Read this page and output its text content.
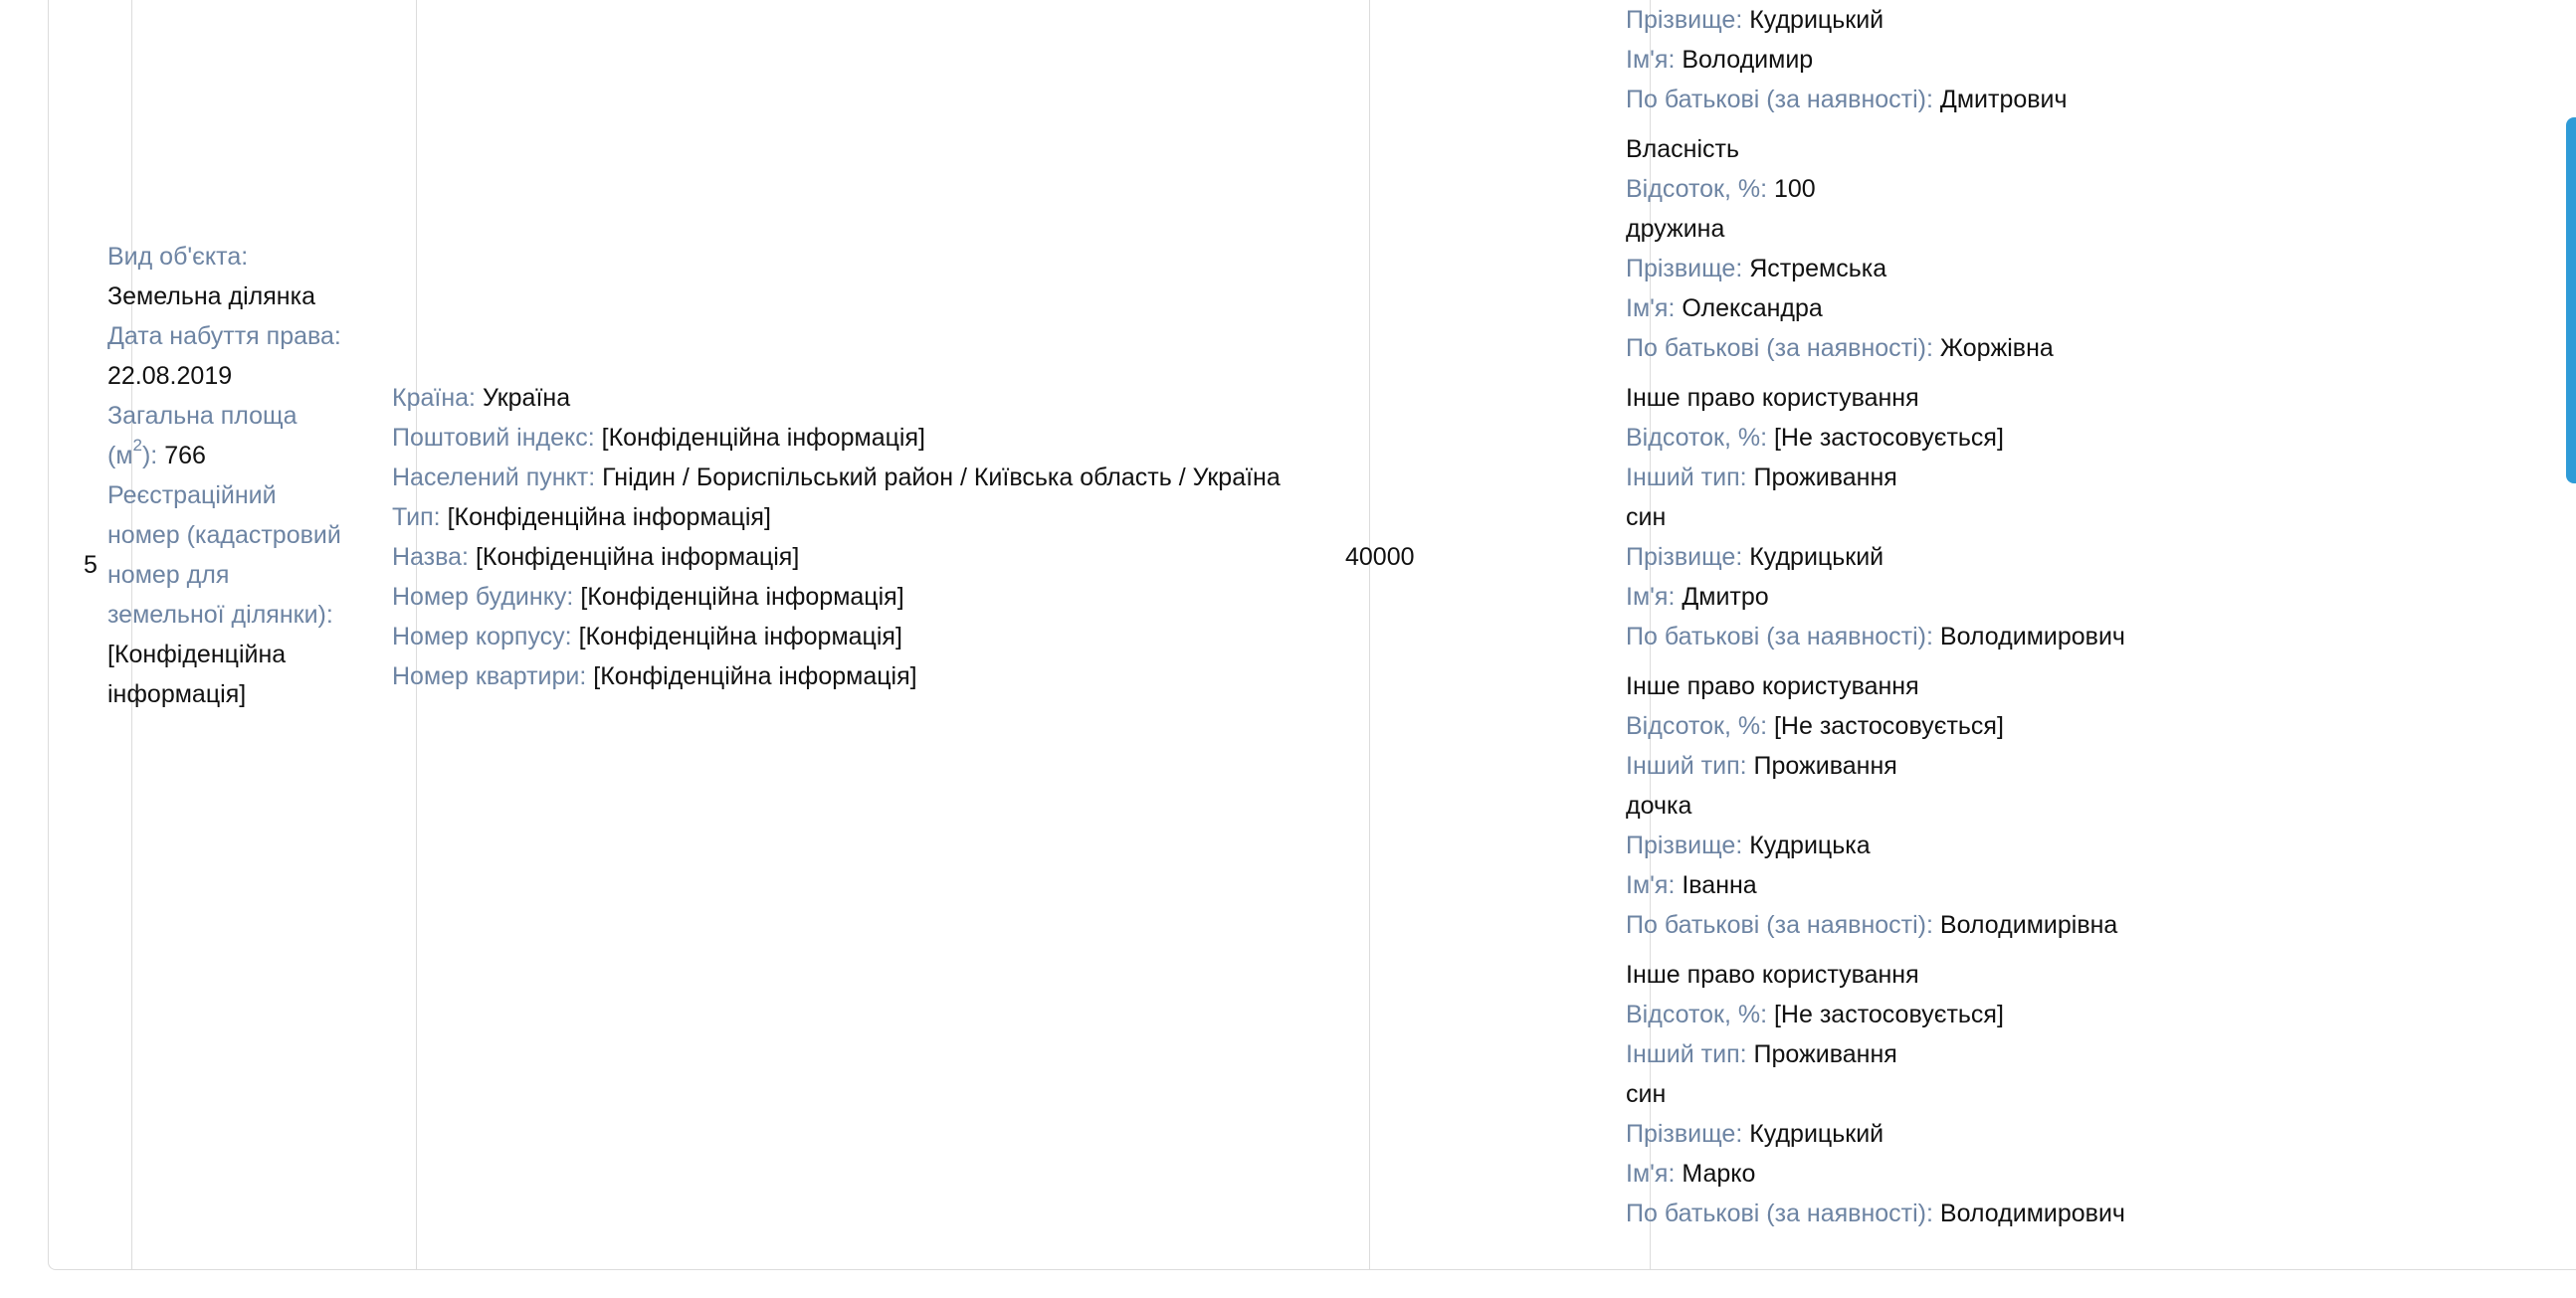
5
Вид об'єкта:
Земельна ділянка
Дата набуття права:
22.08.2019
Загальна площа $(м^2)$: 766
Реєстраційний номер (кадастровий номер для земельної ділянки):
[Конфіденційна інформація]
Країна: Україна
Поштовий індекс: [Конфіденційна інформація]
Населений пункт: Гнідин / Бориспільський район / Київська область / Україна
Тип: [Конфіденційна інформація]
Назва: [Конфіденційна інформація]
Номер будинку: [Конфіденційна інформація]
Номер корпусу: [Конфіденційна інформація]
Номер квартири: [Конфіденційна інформація]
40000
Прізвище: Кудрицький
Ім'я: Володимир
По батькові (за наявності): Дмитрович
Власність
Відсоток, %: 100
дружина
Прізвище: Ястремська
Ім'я: Олександра
По батькові (за наявності): Жоржівна
Інше право користування
Відсоток, %: [Не застосовується]
Інший тип: Проживання
син
Прізвище: Кудрицький
Ім'я: Дмитро
По батькові (за наявності): Володимирович
Інше право користування
Відсоток, %: [Не застосовується]
Інший тип: Проживання
дочка
Прізвище: Кудрицька
Ім'я: Іванна
По батькові (за наявності): Володимирівна
Інше право користування
Відсоток, %: [Не застосовується]
Інший тип: Проживання
син
Прізвище: Кудрицький
Ім'я: Марко
По батькові (за наявності): Володимирович
